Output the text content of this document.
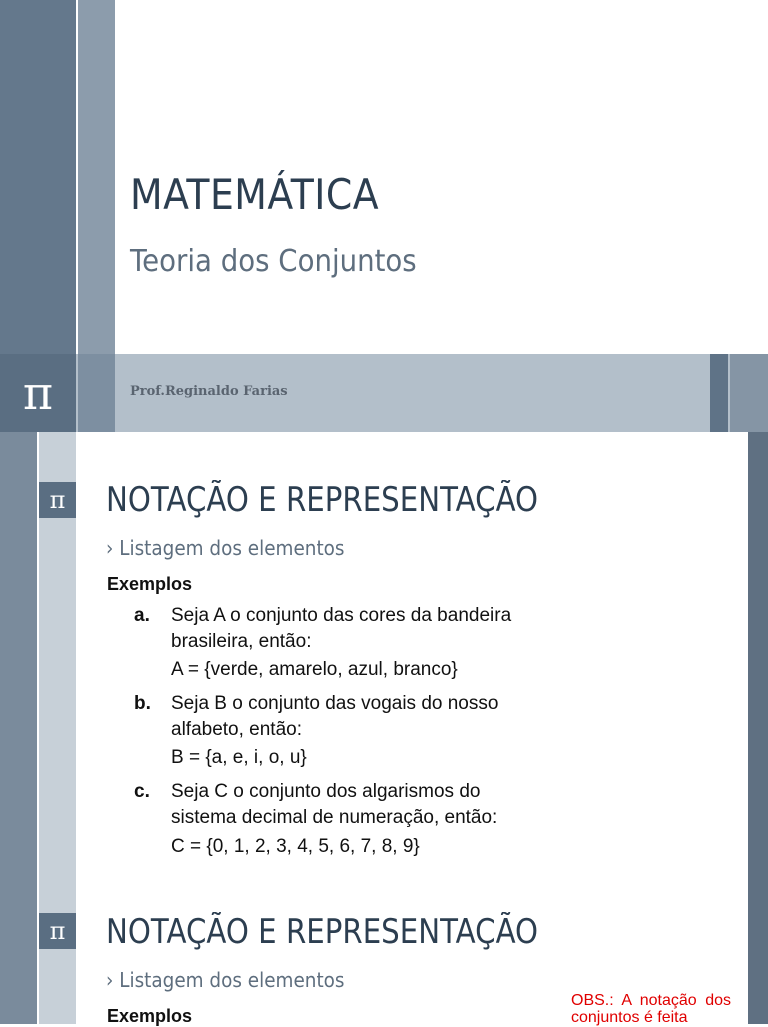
MATEMÁTICA
Teoria dos Conjuntos
π	Prof.Reginaldo Farias
π	NOTAÇÃO E REPRESENTAÇÃO
› Listagem dos elementos
Exemplos
a. Seja A o conjunto das cores da bandeira brasileira, então:
A = {verde, amarelo, azul, branco}
b. Seja B o conjunto das vogais do nosso alfabeto, então:
B = {a, e, i, o, u}
c. Seja C o conjunto dos algarismos do sistema decimal de numeração, então:
C = {0, 1, 2, 3, 4, 5, 6, 7, 8, 9}
π	NOTAÇÃO E REPRESENTAÇÃO
› Listagem dos elementos
Exemplos
OBS.: A notação dos conjuntos é feita
